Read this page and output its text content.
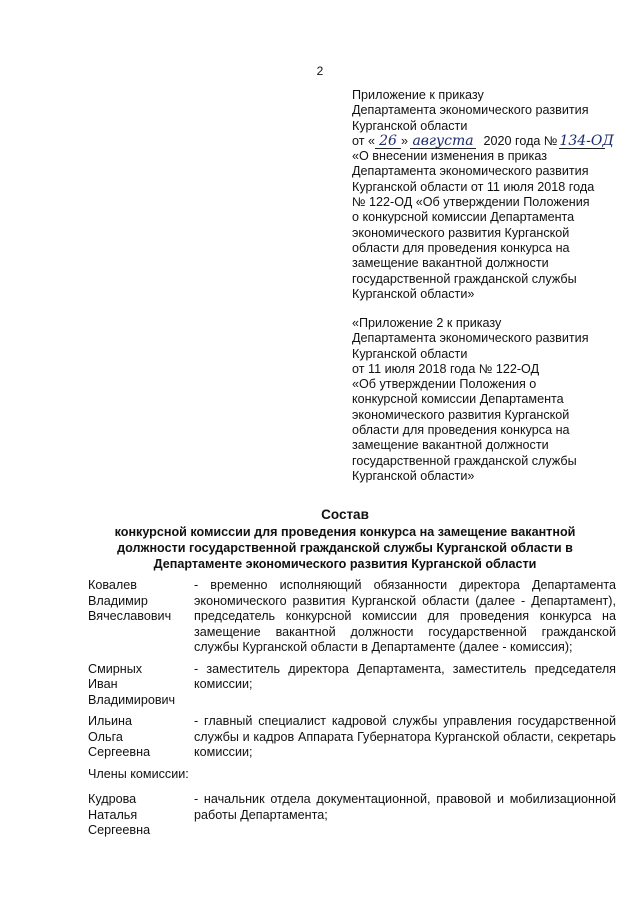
2
Приложение к приказу
Департамента экономического развития
Курганской области
от « 26 » августа 2020 года № 134-ОД
«О внесении изменения в приказ
Департамента экономического развития
Курганской области от 11 июля 2018 года
№ 122-ОД «Об утверждении Положения
о конкурсной комиссии Департамента
экономического развития Курганской
области для проведения конкурса на
замещение вакантной должности
государственной гражданской службы
Курганской области»
«Приложение 2 к приказу
Департамента экономического развития
Курганской области
от 11 июля 2018 года № 122-ОД
«Об утверждении Положения о
конкурсной комиссии Департамента
экономического развития Курганской
области для проведения конкурса на
замещение вакантной должности
государственной гражданской службы
Курганской области»
Состав
конкурсной комиссии для проведения конкурса на замещение вакантной
должности государственной гражданской службы Курганской области в
Департаменте экономического развития Курганской области
Ковалев
Владимир
Вячеславович
- временно исполняющий обязанности директора Департамента экономического развития Курганской области (далее - Департамент), председатель конкурсной комиссии для проведения конкурса на замещение вакантной должности государственной гражданской службы Курганской области в Департаменте (далее - комиссия);
Смирных
Иван
Владимирович
- заместитель директора Департамента, заместитель председателя комиссии;
Ильина
Ольга
Сергеевна
- главный специалист кадровой службы управления государственной службы и кадров Аппарата Губернатора Курганской области, секретарь комиссии;
Члены комиссии:
Кудрова
Наталья
Сергеевна
- начальник отдела документационной, правовой и мобилизационной работы Департамента;
